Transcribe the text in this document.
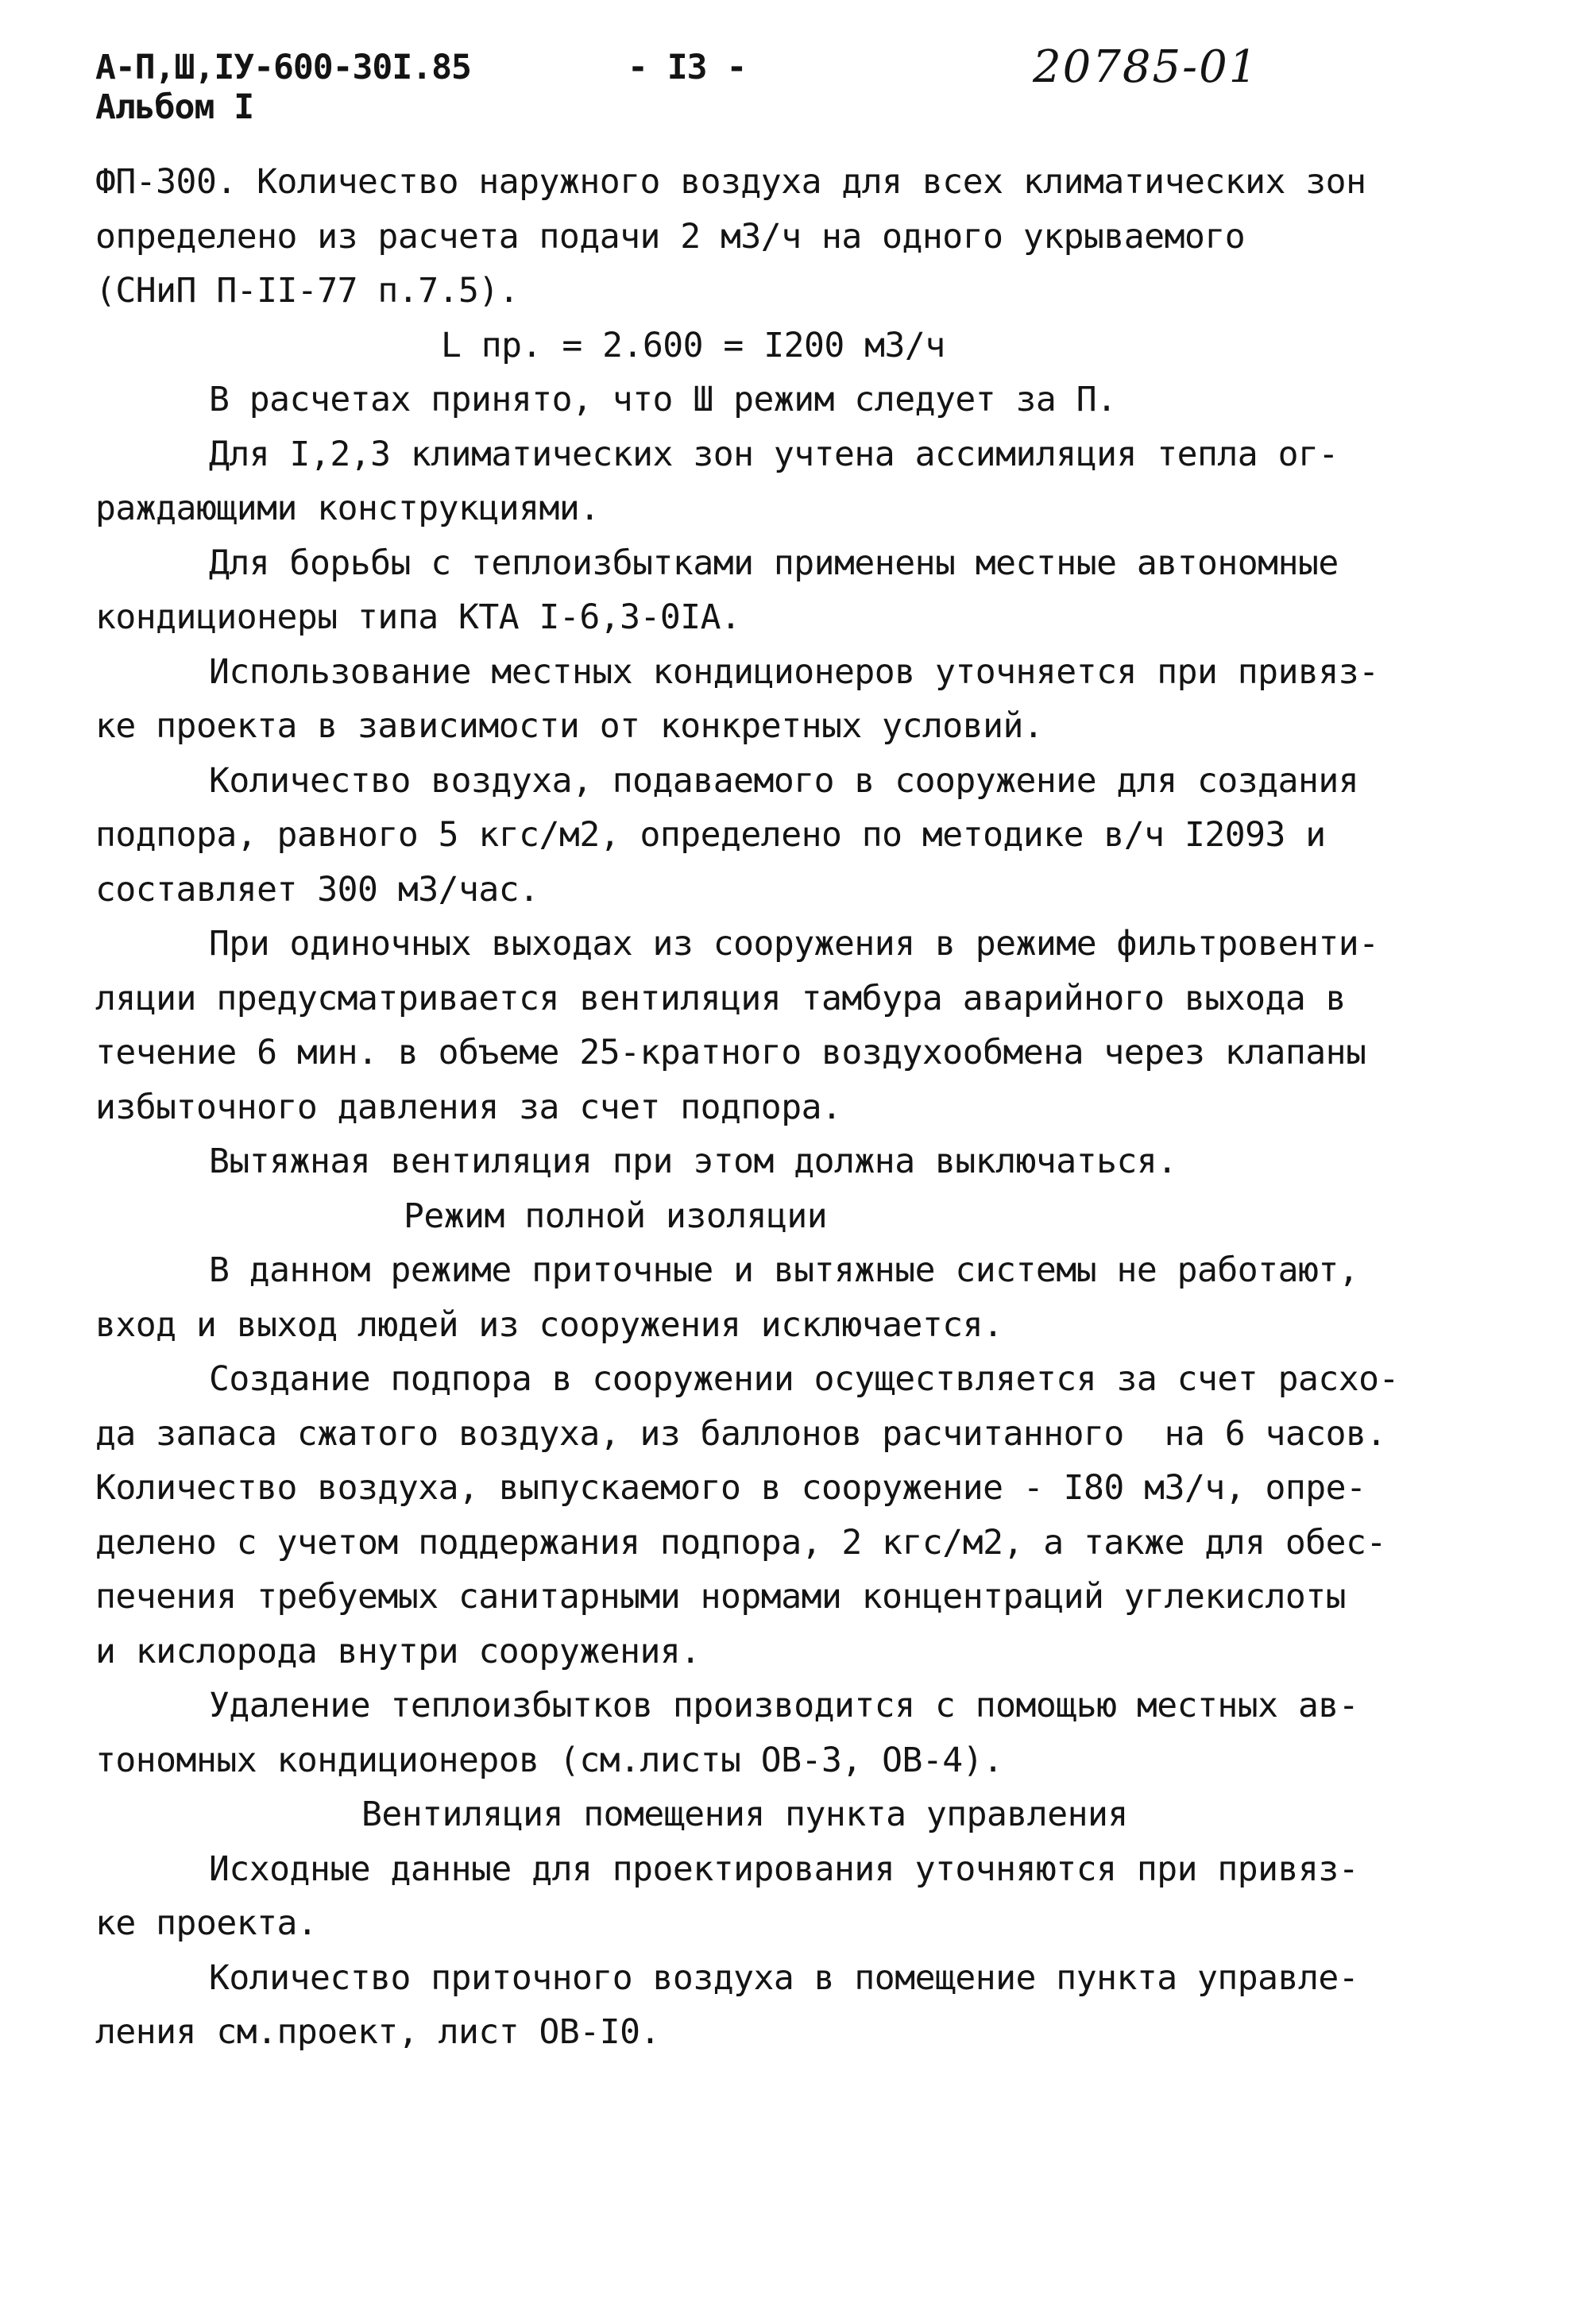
А-П,Ш,IУ-600-30I.85
Альбом I
- I3 -	20785-01
ФП-300. Количество наружного воздуха для всех климатических зон
определено из расчета подачи 2 м3/ч на одного укрываемого
(СНиП П-II-77 п.7.5).
L пр. = 2.600 = I200 м3/ч
В расчетах принято, что Ш режим следует за П.
Для I,2,3 климатических зон учтена ассимиляция тепла ог-
раждающими конструкциями.
Для борьбы с теплоизбытками применены местные автономные
кондиционеры типа КТА I-6,3-0IА.
Использование местных кондиционеров уточняется при привяз-
ке проекта в зависимости от конкретных условий.
Количество воздуха, подаваемого в сооружение для создания
подпора, равного 5 кгс/м2, определено по методике в/ч I2093 и
составляет 300 м3/час.
При одиночных выходах из сооружения в режиме фильтровенти-
ляции предусматривается вентиляция тамбура аварийного выхода в
течение 6 мин. в объеме 25-кратного воздухообмена через клапаны
избыточного давления за счет подпора.
Вытяжная вентиляция при этом должна выключаться.
Режим полной изоляции
В данном режиме приточные и вытяжные системы не работают,
вход и выход людей из сооружения исключается.
Создание подпора в сооружении осуществляется за счет расхо-
да запаса сжатого воздуха, из баллонов расчитанного  на 6 часов.
Количество воздуха, выпускаемого в сооружение - I80 м3/ч, опре-
делено с учетом поддержания подпора, 2 кгс/м2, а также для обес-
печения требуемых санитарными нормами концентраций углекислоты
и кислорода внутри сооружения.
Удаление теплоизбытков производится с помощью местных ав-
тономных кондиционеров (см.листы ОВ-3, ОВ-4).
Вентиляция помещения пункта управления
Исходные данные для проектирования уточняются при привяз-
ке проекта.
Количество приточного воздуха в помещение пункта управле-
ления см.проект, лист ОВ-I0.
